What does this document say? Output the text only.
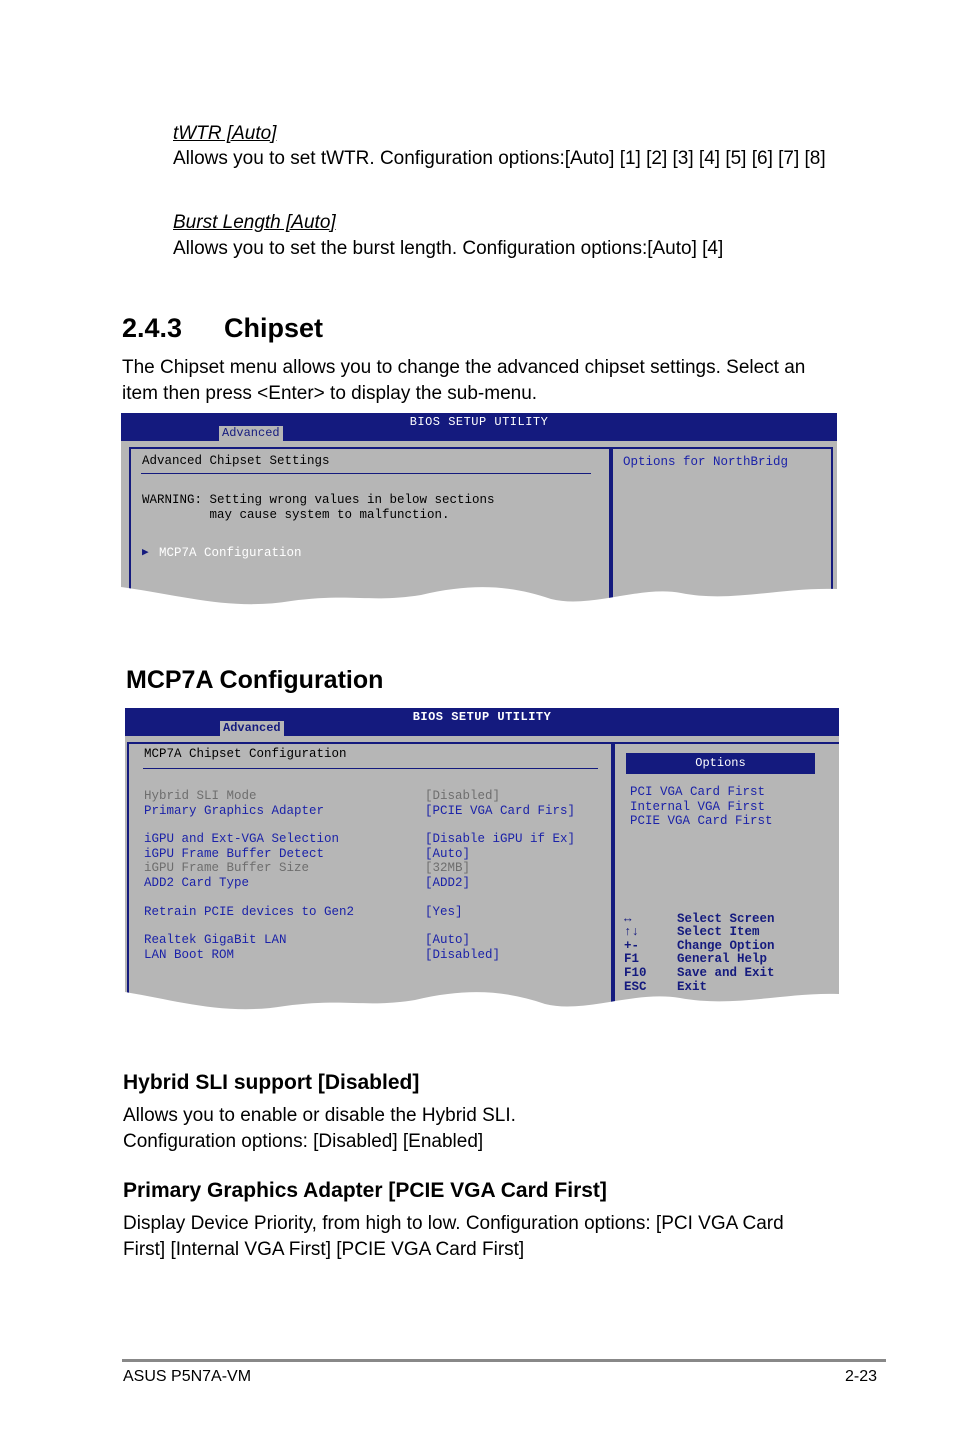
tWTR [Auto]
Allows you to set tWTR. Configuration options:[Auto] [1] [2] [3] [4] [5] [6] [7] [8]
Burst Length [Auto]
Allows you to set the burst length. Configuration options:[Auto] [4]
2.4.3 Chipset
The Chipset menu allows you to change the advanced chipset settings. Select an item then press <Enter> to display the sub-menu.
BIOS SETUP UTILITY
Advanced
Advanced Chipset Settings
WARNING: Setting wrong values in below sections
may cause system to malfunction.
▶ MCP7A Configuration
Options for NorthBridg
MCP7A Configuration
BIOS SETUP UTILITY
Advanced
MCP7A Chipset Configuration
Hybrid SLI Mode	[Disabled]
Primary Graphics Adapter	[PCIE VGA Card Firs]
iGPU and Ext-VGA Selection	[Disable iGPU if Ex]
iGPU Frame Buffer Detect	[Auto]
iGPU Frame Buffer Size	[32MB]
ADD2 Card Type	[ADD2]
Retrain PCIE devices to Gen2	[Yes]
Realtek GigaBit LAN	[Auto]
LAN Boot ROM	[Disabled]
Options
PCI VGA Card First
Internal VGA First
PCIE VGA Card First
↔	Select Screen
↑↓	Select Item
+-	Change Option
F1	General Help
F10 Save and Exit
ESC Exit
Hybrid SLI support [Disabled]
Allows you to enable or disable the Hybrid SLI.
Configuration options: [Disabled] [Enabled]
Primary Graphics Adapter [PCIE VGA Card First]
Display Device Priority, from high to low. Configuration options: [PCI VGA Card
First] [Internal VGA First] [PCIE VGA Card First]
ASUS P5N7A-VM	2-23
